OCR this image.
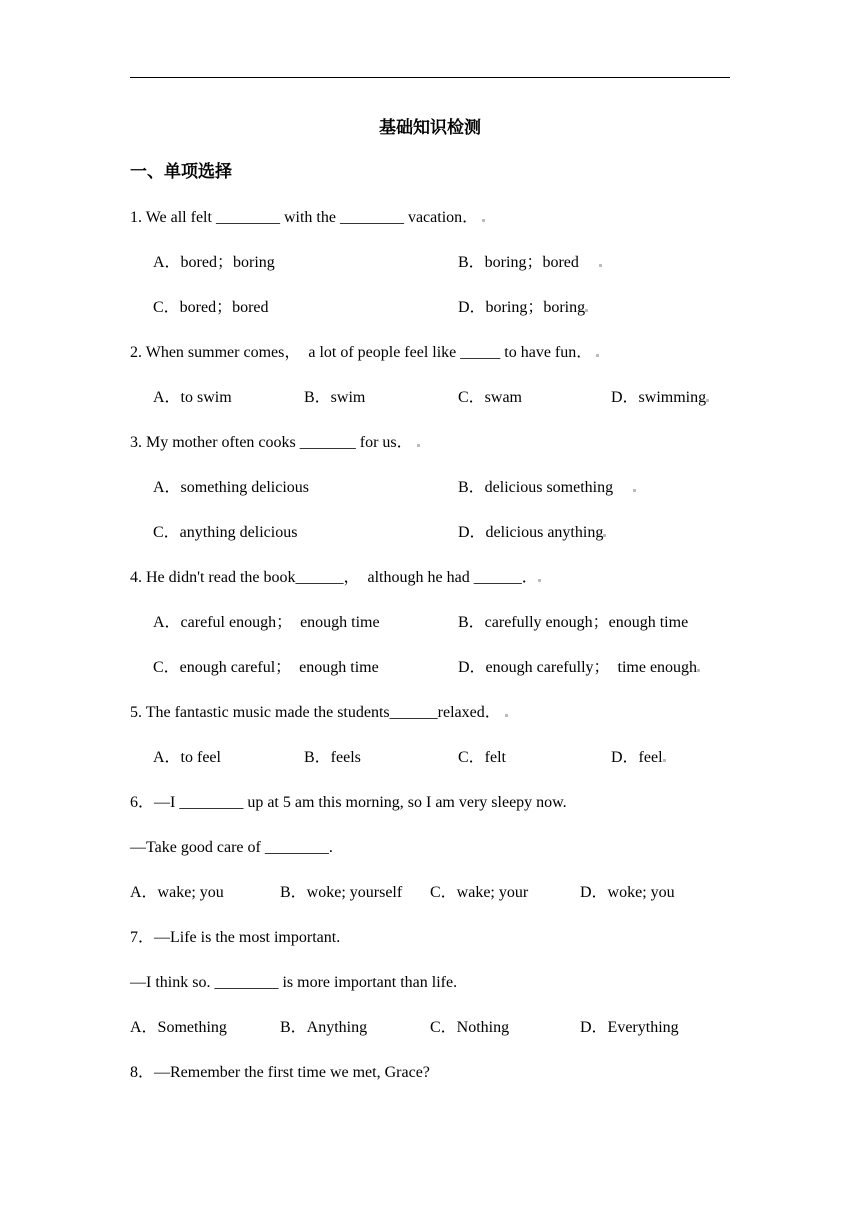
基础知识检测
一、单项选择
1. We all felt ________ with the ________ vacation．
A．bored；boring	B．boring；bored
C．bored；bored	D．boring；boring
2. When summer comes，  a lot of people feel like _____ to have fun．
A．to swim	B．swim	C．swam	D．swimming
3. My mother often cooks _______ for us．
A．something delicious	B．delicious something
C．anything delicious	D．delicious anything
4. He didn't read the book______，  although he had ______．
A．careful enough；  enough time	B．carefully enough；enough time
C．enough careful；  enough time	D．enough carefully；  time enough
5. The fantastic music made the students______relaxed．
A．to feel	B．feels	C．felt	D．feel
6．—I ________ up at 5 am this morning, so I am very sleepy now.
—Take good care of ________.
A．wake; you	B．woke; yourself C．wake; your	D．woke; you
7．—Life is the most important.
—I think so. ________ is more important than life.
A．Something	B．Anything	C．Nothing	D．Everything
8．—Remember the first time we met, Grace?
